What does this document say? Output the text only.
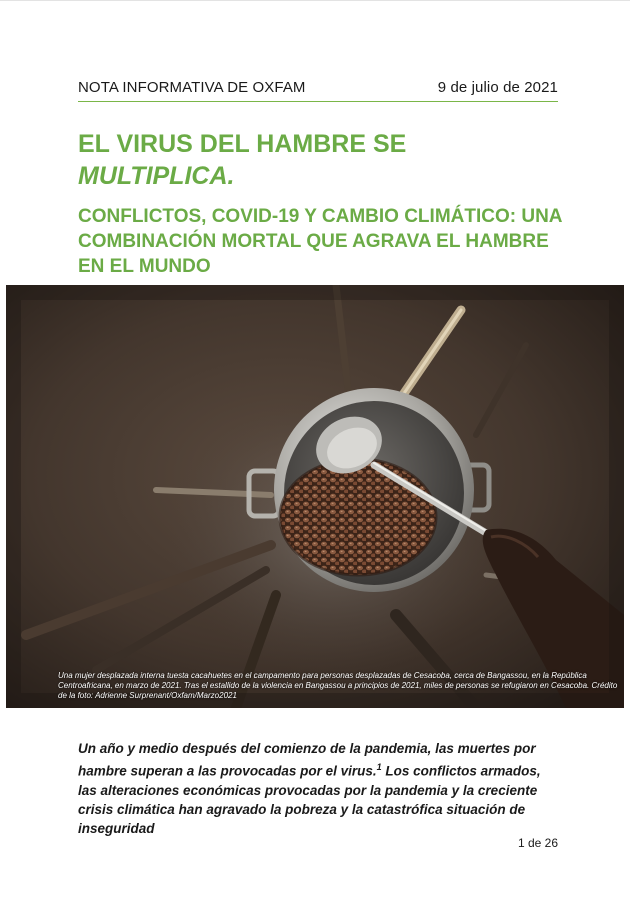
NOTA INFORMATIVA DE OXFAM	9 de julio de 2021
EL VIRUS DEL HAMBRE SE
MULTIPLICA.
CONFLICTOS, COVID-19 Y CAMBIO CLIMÁTICO: UNA COMBINACIÓN MORTAL QUE AGRAVA EL HAMBRE EN EL MUNDO
Una mujer desplazada interna tuesta cacahuetes en el campamento para personas desplazadas de Cesacoba, cerca de Bangassou, en la República Centroafricana, en marzo de 2021. Tras el estallido de la violencia en Bangassou a principios de 2021, miles de personas se refugiaron en Cesacoba. Crédito de la foto: Adrienne Surprenant/Oxfam/Marzo2021

Un año y medio después del comienzo de la pandemia, las muertes por hambre superan a las provocadas por el virus.$^1$ Los conflictos armados, las alteraciones económicas provocadas por la pandemia y la creciente crisis climática han agravado la pobreza y la catastrófica situación de inseguridad

1 de 26
